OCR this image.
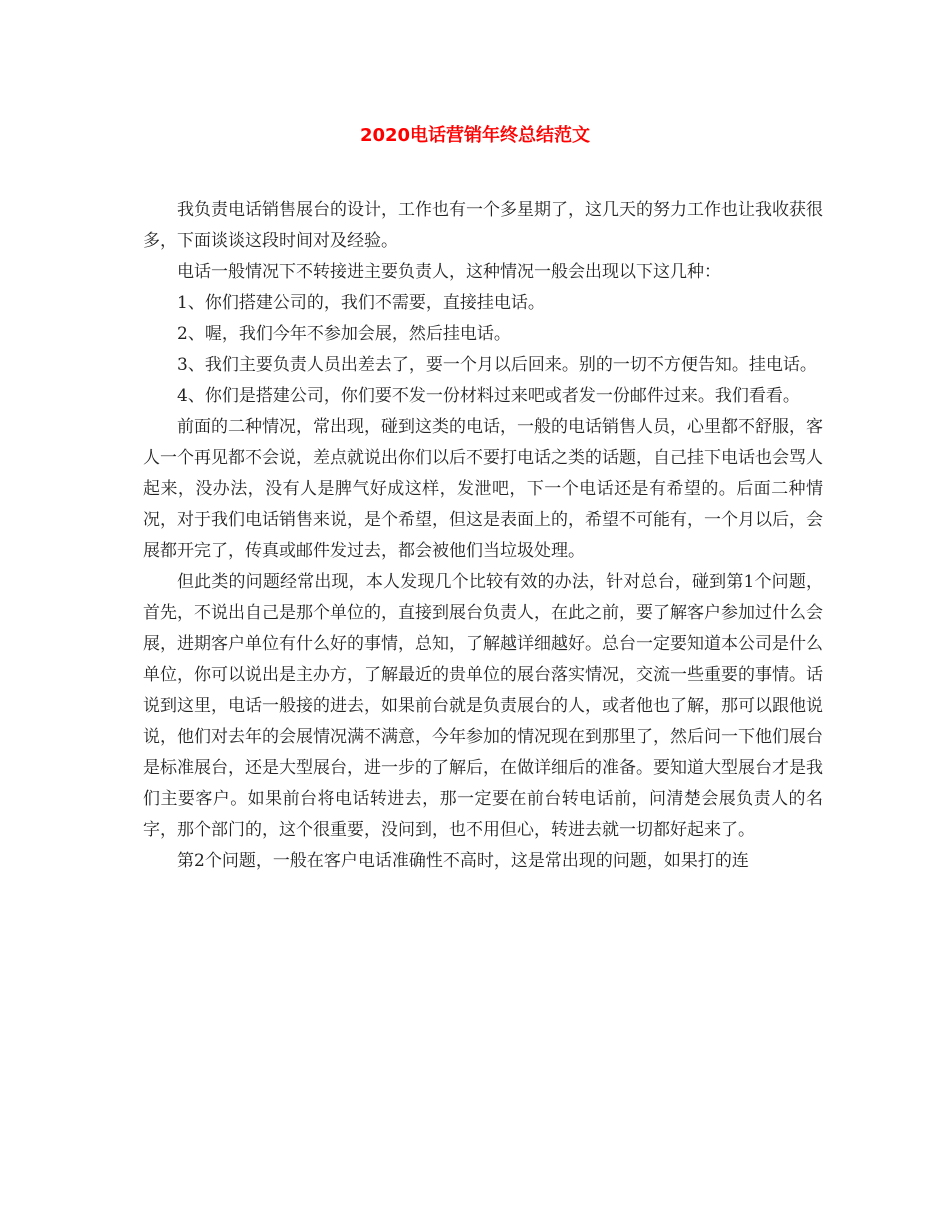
2020电话营销年终总结范文

我负责电话销售展台的设计，工作也有一个多星期了，这几天的努力工作也让我收获很多，下面谈谈这段时间对及经验。

电话一般情况下不转接进主要负责人，这种情况一般会出现以下这几种：

1、你们搭建公司的，我们不需要，直接挂电话。

2、喔，我们今年不参加会展，然后挂电话。

3、我们主要负责人员出差去了，要一个月以后回来。别的一切不方便告知。挂电话。

4、你们是搭建公司，你们要不发一份材料过来吧或者发一份邮件过来。我们看看。

前面的二种情况，常出现，碰到这类的电话，一般的电话销售人员，心里都不舒服，客人一个再见都不会说，差点就说出你们以后不要打电话之类的话题，自己挂下电话也会骂人起来，没办法，没有人是脾气好成这样，发泄吧，下一个电话还是有希望的。后面二种情况，对于我们电话销售来说，是个希望，但这是表面上的，希望不可能有，一个月以后，会展都开完了，传真或邮件发过去，都会被他们当垃圾处理。

但此类的问题经常出现，本人发现几个比较有效的办法，针对总台，碰到第1个问题，首先，不说出自己是那个单位的，直接到展台负责人，在此之前，要了解客户参加过什么会展，进期客户单位有什么好的事情，总知，了解越详细越好。总台一定要知道本公司是什么单位，你可以说出是主办方，了解最近的贵单位的展台落实情况，交流一些重要的事情。话说到这里，电话一般接的进去，如果前台就是负责展台的人，或者他也了解，那可以跟他说说，他们对去年的会展情况满不满意，今年参加的情况现在到那里了，然后问一下他们展台是标准展台，还是大型展台，进一步的了解后，在做详细后的准备。要知道大型展台才是我们主要客户。如果前台将电话转进去，那一定要在前台转电话前，问清楚会展负责人的名字，那个部门的，这个很重要，没问到，也不用但心，转进去就一切都好起来了。

第2个问题，一般在客户电话准确性不高时，这是常出现的问题，如果打的连
